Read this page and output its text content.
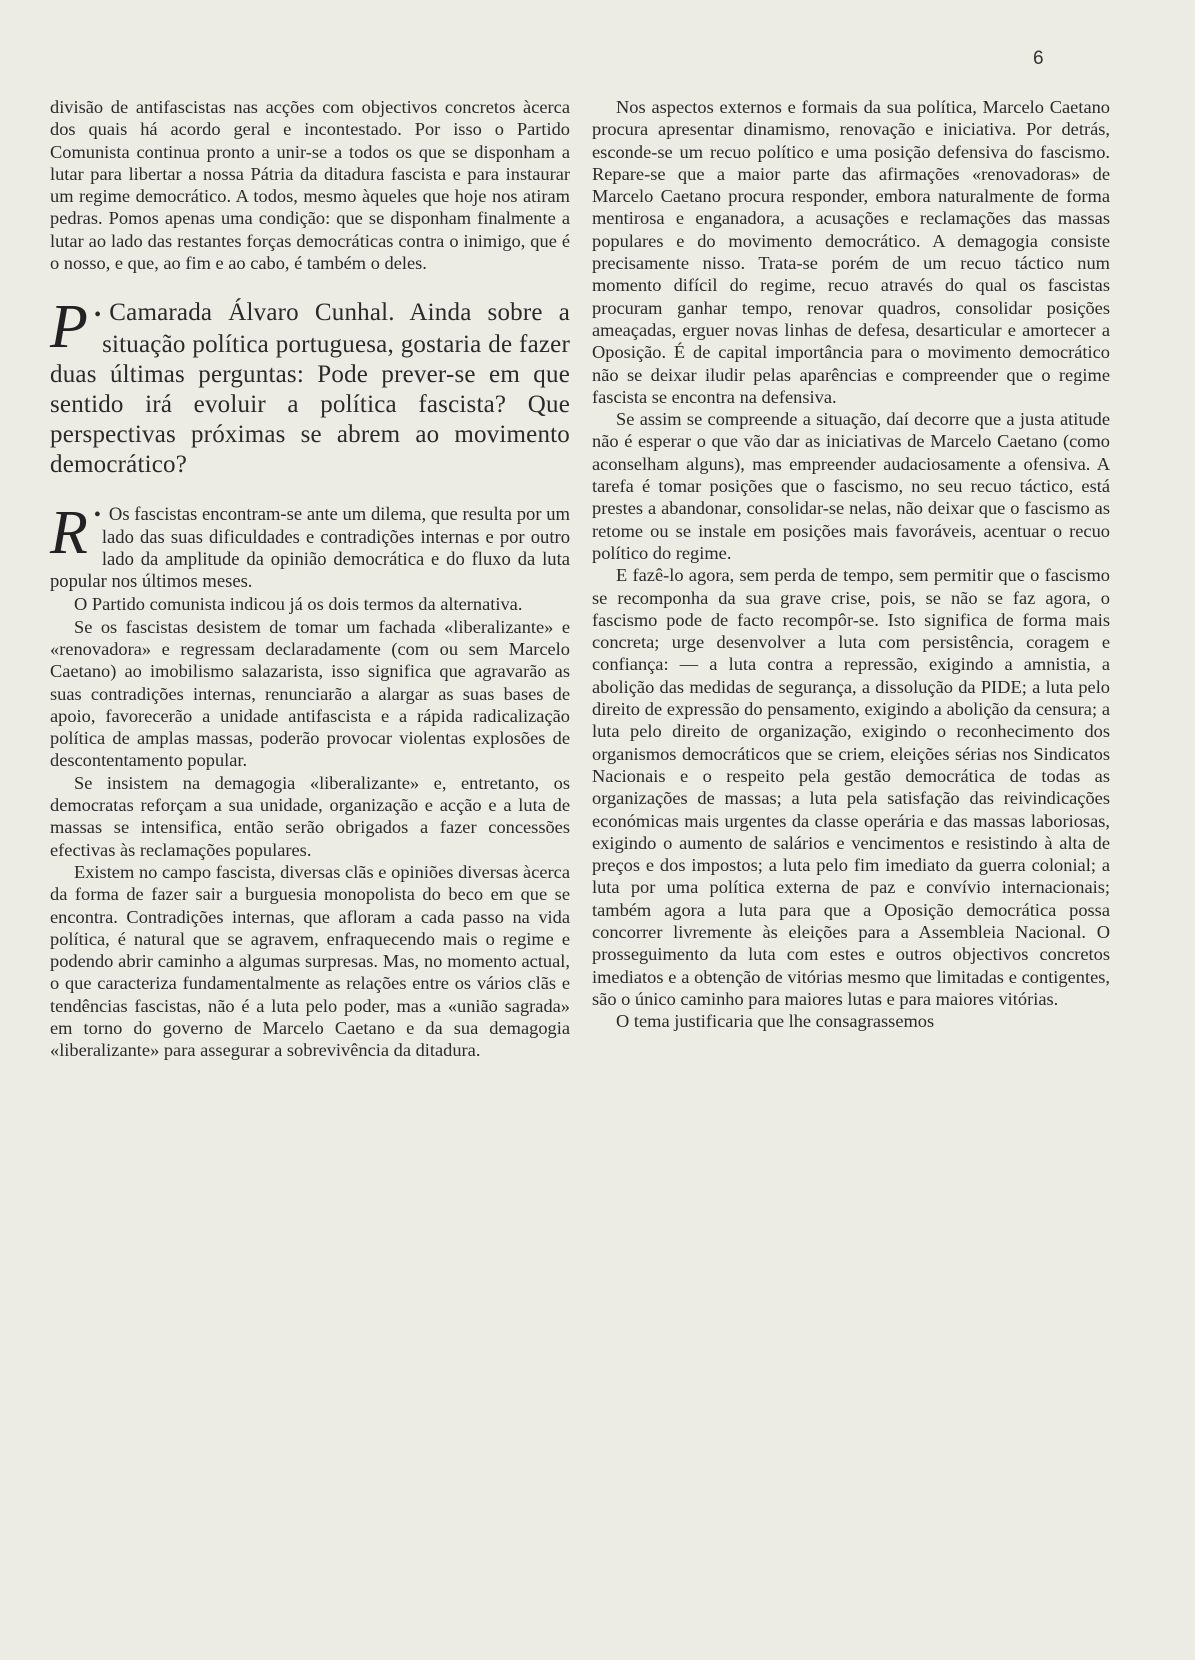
6

divisão de antifascistas nas acções com objectivos concretos àcerca dos quais há acordo geral e incontestado. Por isso o Partido Comunista continua pronto a unir-se a todos os que se disponham a lutar para libertar a nossa Pátria da ditadura fascista e para instaurar um regime democrático. A todos, mesmo àqueles que hoje nos atiram pedras. Pomos apenas uma condição: que se disponham finalmente a lutar ao lado das restantes forças democráticas contra o inimigo, que é o nosso, e que, ao fim e ao cabo, é também o deles.

P • Camarada Álvaro Cunhal. Ainda sobre a situação política portuguesa, gostaria de fazer duas últimas perguntas: Pode prever-se em que sentido irá evoluir a política fascista? Que perspectivas próximas se abrem ao movimento democrático?
R • Os fascistas encontram-se ante um dilema, que resulta por um lado das suas dificuldades e contradições internas e por outro lado da amplitude da opinião democrática e do fluxo da luta popular nos últimos meses.

O Partido comunista indicou já os dois termos da alternativa.

Se os fascistas desistem de tomar um fachada «liberalizante» e «renovadora» e regressam declaradamente (com ou sem Marcelo Caetano) ao imobilismo salazarista, isso significa que agravarão as suas contradições internas, renunciarão a alargar as suas bases de apoio, favorecerão a unidade antifascista e a rápida radicalização política de amplas massas, poderão provocar violentas explosões de descontentamento popular.

Se insistem na demagogia «liberalizante» e, entretanto, os democratas reforçam a sua unidade, organização e acção e a luta de massas se intensifica, então serão obrigados a fazer concessões efectivas às reclamações populares.

Existem no campo fascista, diversas clãs e opiniões diversas àcerca da forma de fazer sair a burguesia monopolista do beco em que se encontra. Contradições internas, que afloram a cada passo na vida política, é natural que se agravem, enfraquecendo mais o regime e podendo abrir caminho a algumas surpresas. Mas, no momento actual, o que caracteriza fundamentalmente as relações entre os vários clãs e tendências fascistas, não é a luta pelo poder, mas a «união sagrada» em torno do governo de Marcelo Caetano e da sua demagogia «liberalizante» para assegurar a sobrevivência da ditadura.

Nos aspectos externos e formais da sua política, Marcelo Caetano procura apresentar dinamismo, renovação e iniciativa. Por detrás, esconde-se um recuo político e uma posição defensiva do fascismo. Repare-se que a maior parte das afirmações «renovadoras» de Marcelo Caetano procura responder, embora naturalmente de forma mentirosa e enganadora, a acusações e reclamações das massas populares e do movimento democrático. A demagogia consiste precisamente nisso. Trata-se porém de um recuo táctico num momento difícil do regime, recuo através do qual os fascistas procuram ganhar tempo, renovar quadros, consolidar posições ameaçadas, erguer novas linhas de defesa, desarticular e amortecer a Oposição. É de capital importância para o movimento democrático não se deixar iludir pelas aparências e compreender que o regime fascista se encontra na defensiva.

Se assim se compreende a situação, daí decorre que a justa atitude não é esperar o que vão dar as iniciativas de Marcelo Caetano (como aconselham alguns), mas empreender audaciosamente a ofensiva. A tarefa é tomar posições que o fascismo, no seu recuo táctico, está prestes a abandonar, consolidar-se nelas, não deixar que o fascismo as retome ou se instale em posições mais favoráveis, acentuar o recuo político do regime.

E fazê-lo agora, sem perda de tempo, sem permitir que o fascismo se recomponha da sua grave crise, pois, se não se faz agora, o fascismo pode de facto recompôr-se. Isto significa de forma mais concreta; urge desenvolver a luta com persistência, coragem e confiança: — a luta contra a repressão, exigindo a amnistia, a abolição das medidas de segurança, a dissolução da PIDE; a luta pelo direito de expressão do pensamento, exigindo a abolição da censura; a luta pelo direito de organização, exigindo o reconhecimento dos organismos democráticos que se criem, eleições sérias nos Sindicatos Nacionais e o respeito pela gestão democrática de todas as organizações de massas; a luta pela satisfação das reivindicações económicas mais urgentes da classe operária e das massas laboriosas, exigindo o aumento de salários e vencimentos e resistindo à alta de preços e dos impostos; a luta pelo fim imediato da guerra colonial; a luta por uma política externa de paz e convívio internacionais; também agora a luta para que a Oposição democrática possa concorrer livremente às eleições para a Assembleia Nacional. O prosseguimento da luta com estes e outros objectivos concretos imediatos e a obtenção de vitórias mesmo que limitadas e contigentes, são o único caminho para maiores lutas e para maiores vitórias.

O tema justificaria que lhe consagrassemos
